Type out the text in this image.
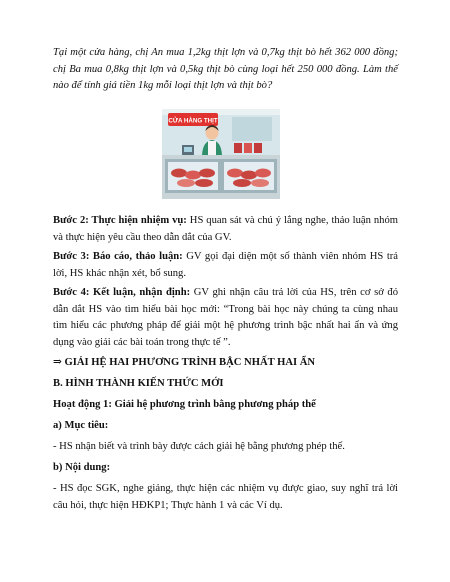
Tại một cửa hàng, chị An mua 1,2kg thịt lợn và 0,7kg thịt bò hết 362 000 đồng; chị Ba mua 0,8kg thịt lợn và 0,5kg thịt bò cùng loại hết 250 000 đồng. Làm thế nào để tính giá tiền 1kg mỗi loại thịt lợn và thịt bò?

CỬA HÀNG THỊT

Bước 2: Thực hiện nhiệm vụ: HS quan sát và chú ý lắng nghe, thảo luận nhóm và thực hiện yêu cầu theo dẫn dắt của GV.

Bước 3: Báo cáo, thảo luận: GV gọi đại diện một số thành viên nhóm HS trả lời, HS khác nhận xét, bổ sung.

Bước 4: Kết luận, nhận định: GV ghi nhận câu trả lời của HS, trên cơ sở đó dẫn dắt HS vào tìm hiểu bài học mới: “Trong bài học này chúng ta cùng nhau tìm hiểu các phương pháp để giải một hệ phương trình bậc nhất hai ẩn và ứng dụng vào giải các bài toán trong thực tế ”.

⇒ GIẢI HỆ HAI PHƯƠNG TRÌNH BẬC NHẤT HAI ẨN

B. HÌNH THÀNH KIẾN THỨC MỚI

Hoạt động 1: Giải hệ phương trình bằng phương pháp thế

a) Mục tiêu:

- HS nhận biết và trình bày được cách giải hệ bằng phương phép thế.

b) Nội dung:

- HS đọc SGK, nghe giảng, thực hiện các nhiệm vụ được giao, suy nghĩ trả lời câu hỏi, thực hiện HĐKP1; Thực hành 1 và các Ví dụ.
